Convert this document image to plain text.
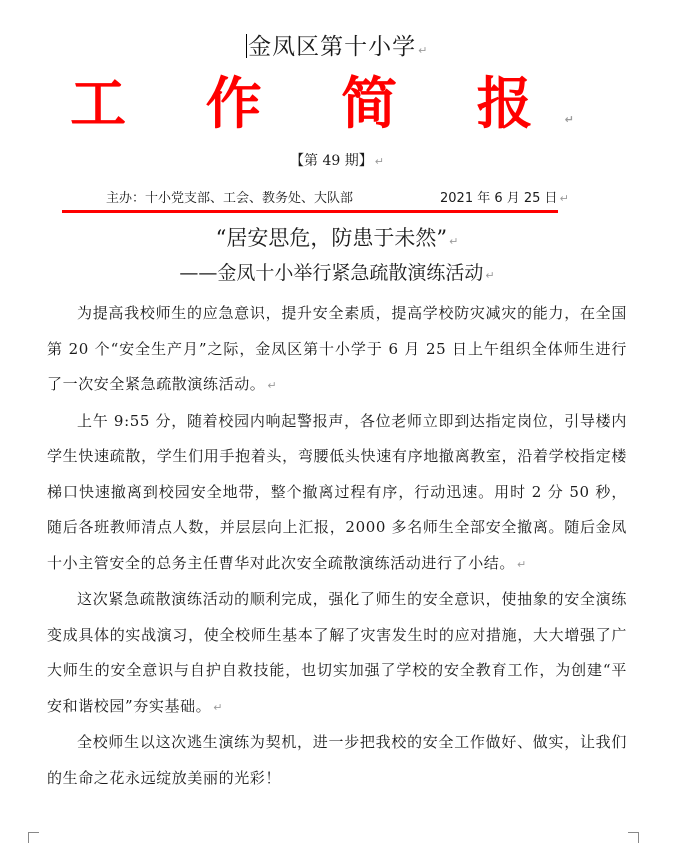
金凤区第十小学 ↵
工 作 简 报 ↵
【第 49 期】 ↵
主办：十小党支部、工会、教务处、大队部	2021 年 6 月 25 日 ↵
“居安思危，防患于未然” ↵
——金凤十小举行紧急疏散演练活动 ↵

为提高我校师生的应急意识，提升安全素质，提高学校防灾减灾的能力，在全国第 20 个“安全生产月”之际，金凤区第十小学于 6 月 25 日上午组织全体师生进行了一次安全紧急疏散演练活动。 ↵

上午 9:55 分，随着校园内响起警报声，各位老师立即到达指定岗位，引导楼内学生快速疏散，学生们用手抱着头，弯腰低头快速有序地撤离教室，沿着学校指定楼梯口快速撤离到校园安全地带，整个撤离过程有序，行动迅速。用时 2 分 50 秒，随后各班教师清点人数，并层层向上汇报，2000 多名师生全部安全撤离。随后金凤十小主管安全的总务主任曹华对此次安全疏散演练活动进行了小结。 ↵

这次紧急疏散演练活动的顺利完成，强化了师生的安全意识，使抽象的安全演练变成具体的实战演习，使全校师生基本了解了灾害发生时的应对措施，大大增强了广大师生的安全意识与自护自救技能，也切实加强了学校的安全教育工作，为创建“平安和谐校园”夯实基础。 ↵

全校师生以这次逃生演练为契机，进一步把我校的安全工作做好、做实，让我们的生命之花永远绽放美丽的光彩！
